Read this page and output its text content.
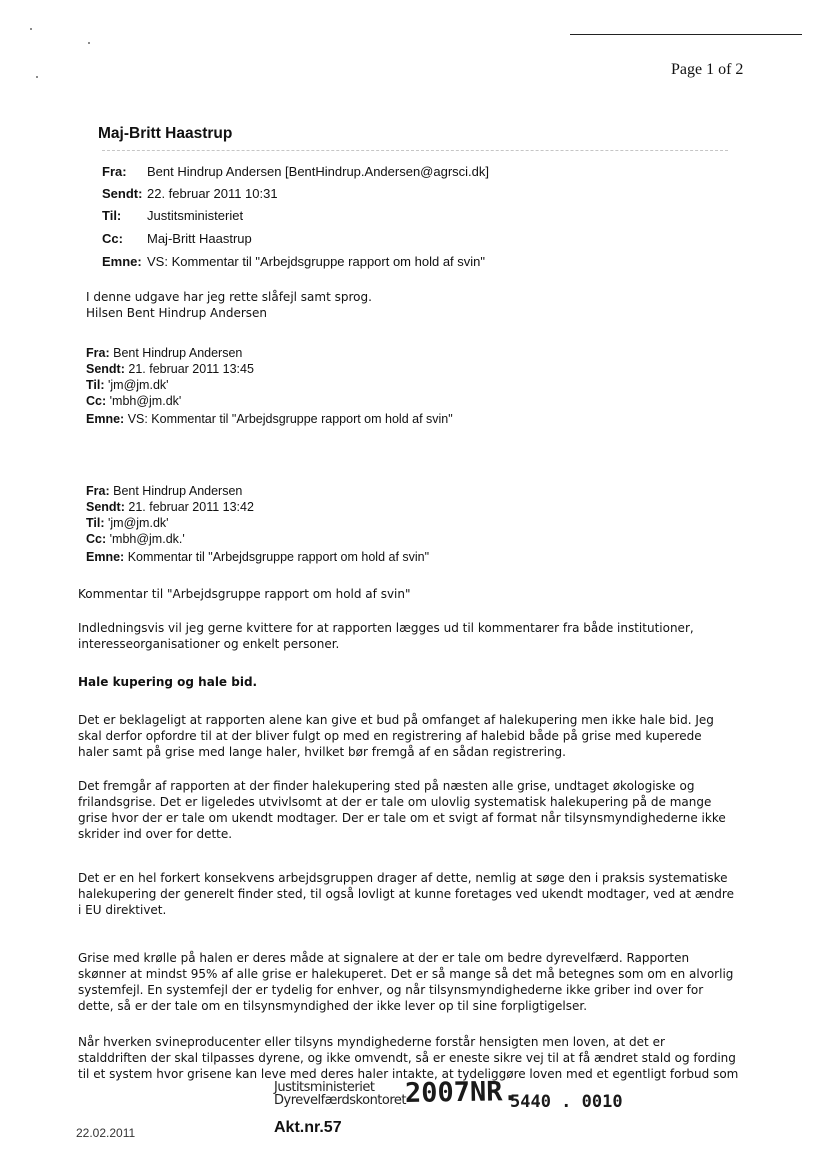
Page 1 of 2
Maj-Britt Haastrup
Fra: Bent Hindrup Andersen [BentHindrup.Andersen@agrsci.dk]
Sendt: 22. februar 2011 10:31
Til: Justitsministeriet
Cc: Maj-Britt Haastrup
Emne: VS: Kommentar til "Arbejdsgruppe rapport om hold af svin"
I denne udgave har jeg rette slåfejl samt sprog.
Hilsen Bent Hindrup Andersen
Fra: Bent Hindrup Andersen
Sendt: 21. februar 2011 13:45
Til: 'jm@jm.dk'
Cc: 'mbh@jm.dk'
Emne: VS: Kommentar til "Arbejdsgruppe rapport om hold af svin"
Fra: Bent Hindrup Andersen
Sendt: 21. februar 2011 13:42
Til: 'jm@jm.dk'
Cc: 'mbh@jm.dk.'
Emne: Kommentar til "Arbejdsgruppe rapport om hold af svin"
Kommentar til "Arbejdsgruppe rapport om hold af svin"
Indledningsvis vil jeg gerne kvittere for at rapporten lægges ud til kommentarer fra både institutioner,
interesseorganisationer og enkelt personer.
Hale kupering og hale bid.
Det er beklageligt at rapporten alene kan give et bud på omfanget af halekupering men ikke hale bid. Jeg
skal derfor opfordre til at der bliver fulgt op med en registrering af halebid både på grise med kuperede
haler samt på grise med lange haler, hvilket bør fremgå af en sådan registrering.
Det fremgår af rapporten at der finder halekupering sted på næsten alle grise, undtaget økologiske og
frilandsgrise. Det er ligeledes utvivlsomt at der er tale om ulovlig systematisk halekupering på de mange
grise hvor der er tale om ukendt modtager. Der er tale om et svigt af format når tilsynsmyndighederne ikke
skrider ind over for dette.
Det er en hel forkert konsekvens arbejdsgruppen drager af dette, nemlig at søge den i praksis systematiske
halekupering der generelt finder sted, til også lovligt at kunne foretages ved ukendt modtager, ved at ændre
i EU direktivet.
Grise med krølle på halen er deres måde at signalere at der er tale om bedre dyrevelfærd. Rapporten
skønner at mindst 95% af alle grise er halekuperet. Det er så mange så det må betegnes som om en alvorlig
systemfejl. En systemfejl der er tydelig for enhver, og når tilsynsmyndighederne ikke griber ind over for
dette, så er der tale om en tilsynsmyndighed der ikke lever op til sine forpligtigelser.
Når hverken svineproducenter eller tilsyns myndighederne forstår hensigten men loven, at det er
stalddriften der skal tilpasses dyrene, og ikke omvendt, så er eneste sikre vej til at få ændret stald og fording
til et system hvor grisene kan leve med deres haler intakte, at tydeliggøre loven med et egentligt forbud som
Justitsministeriet
Dyrevelfærdskontoret
2007NR.
5440 . 0010
Akt.nr.57
22.02.2011
